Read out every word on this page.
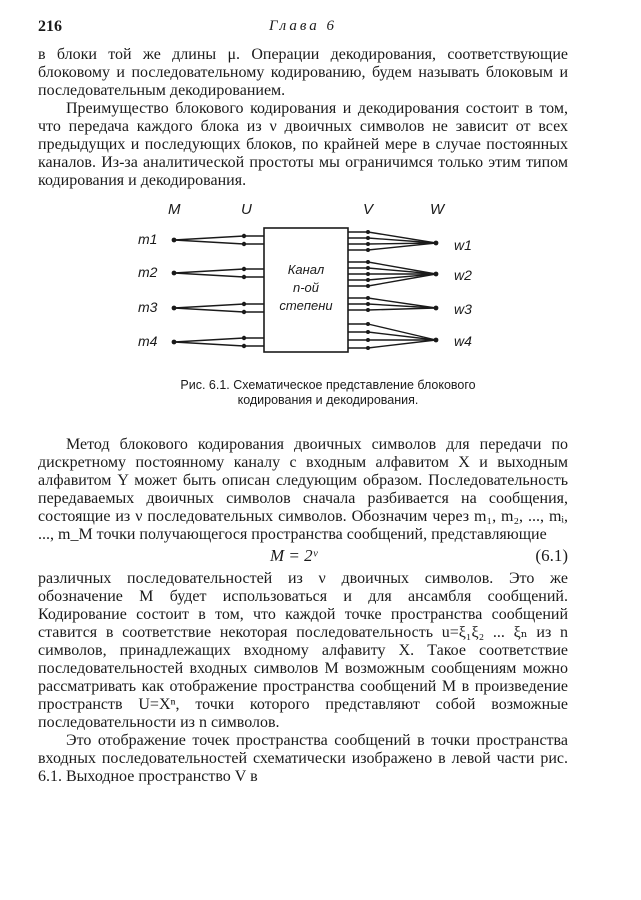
216	Глава 6

в блоки той же длины μ. Операции декодирования, соответствующие блоковому и последовательному кодированию, будем называть блоковым и последовательным декодированием.

Преимущество блокового кодирования и декодирования состоит в том, что передача каждого блока из ν двоичных символов не зависит от всех предыдущих и последующих блоков, по крайней мере в случае постоянных каналов. Из-за аналитической простоты мы ограничимся только этим типом кодирования и декодирования.

M	U	V	W
m1
m2
m3
m4
w1
w2
w3
w4
Канал
n-ой
степени
Рис. 6.1. Схематическое представление блокового
кодирования и декодирования.

Метод блокового кодирования двоичных символов для передачи по дискретному постоянному каналу с входным алфавитом X и выходным алфавитом Y может быть описан следующим образом. Последовательность передаваемых двоичных символов сначала разбивается на сообщения, состоящие из ν последовательных символов. Обозначим через m₁, m₂, ..., mᵢ, ..., m_M точки получающегося пространства сообщений, представляющие

M = 2ᵛ	(6.1)

различных последовательностей из ν двоичных символов. Это же обозначение M будет использоваться и для ансамбля сообщений. Кодирование состоит в том, что каждой точке пространства сообщений ставится в соответствие некоторая последовательность u=ξ₁ξ₂ ... ξₙ из n символов, принадлежащих входному алфавиту X. Такое соответствие последовательностей входных символов M возможным сообщениям можно рассматривать как отображение пространства сообщений M в произведение пространств U=Xⁿ, точки которого представляют собой возможные последовательности из n символов.

Это отображение точек пространства сообщений в точки пространства входных последовательностей схематически изображено в левой части рис. 6.1. Выходное пространство V в
